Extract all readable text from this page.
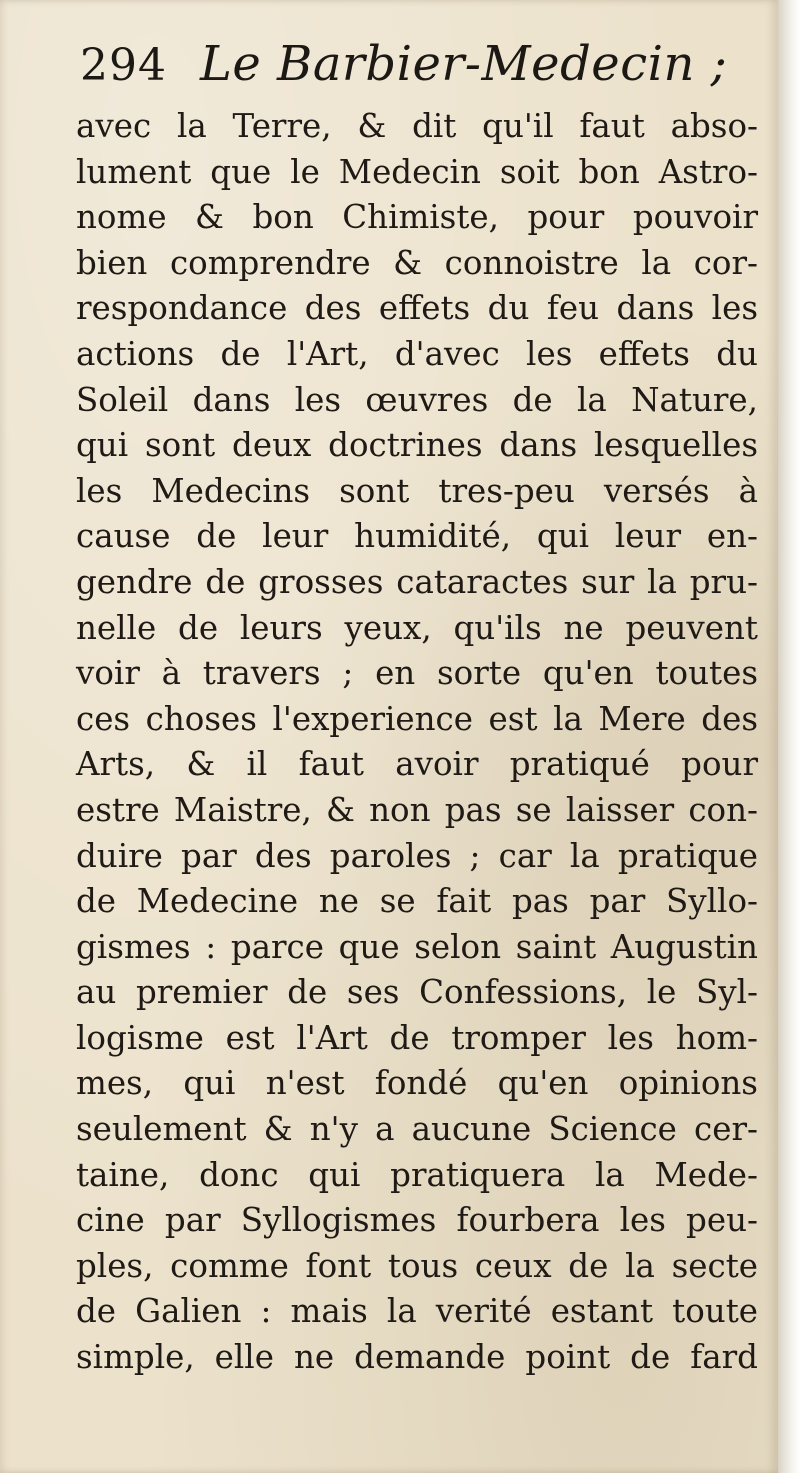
294 Le Barbier-Medecin ;
avec la Terre, & dit qu'il faut abso-
lument que le Medecin soit bon Astro-
nome & bon Chimiste, pour pouvoir
bien comprendre & connoistre la cor-
respondance des effets du feu dans les
actions de l'Art, d'avec les effets du
Soleil dans les œuvres de la Nature,
qui sont deux doctrines dans lesquelles
les Medecins sont tres-peu versés à
cause de leur humidité, qui leur en-
gendre de grosses cataractes sur la pru-
nelle de leurs yeux, qu'ils ne peuvent
voir à travers ; en sorte qu'en toutes
ces choses l'experience est la Mere des
Arts, & il faut avoir pratiqué pour
estre Maistre, & non pas se laisser con-
duire par des paroles ; car la pratique
de Medecine ne se fait pas par Syllo-
gismes : parce que selon saint Augustin
au premier de ses Confessions, le Syl-
logisme est l'Art de tromper les hom-
mes, qui n'est fondé qu'en opinions
seulement & n'y a aucune Science cer-
taine, donc qui pratiquera la Mede-
cine par Syllogismes fourbera les peu-
ples, comme font tous ceux de la secte
de Galien : mais la verité estant toute
simple, elle ne demande point de fard
